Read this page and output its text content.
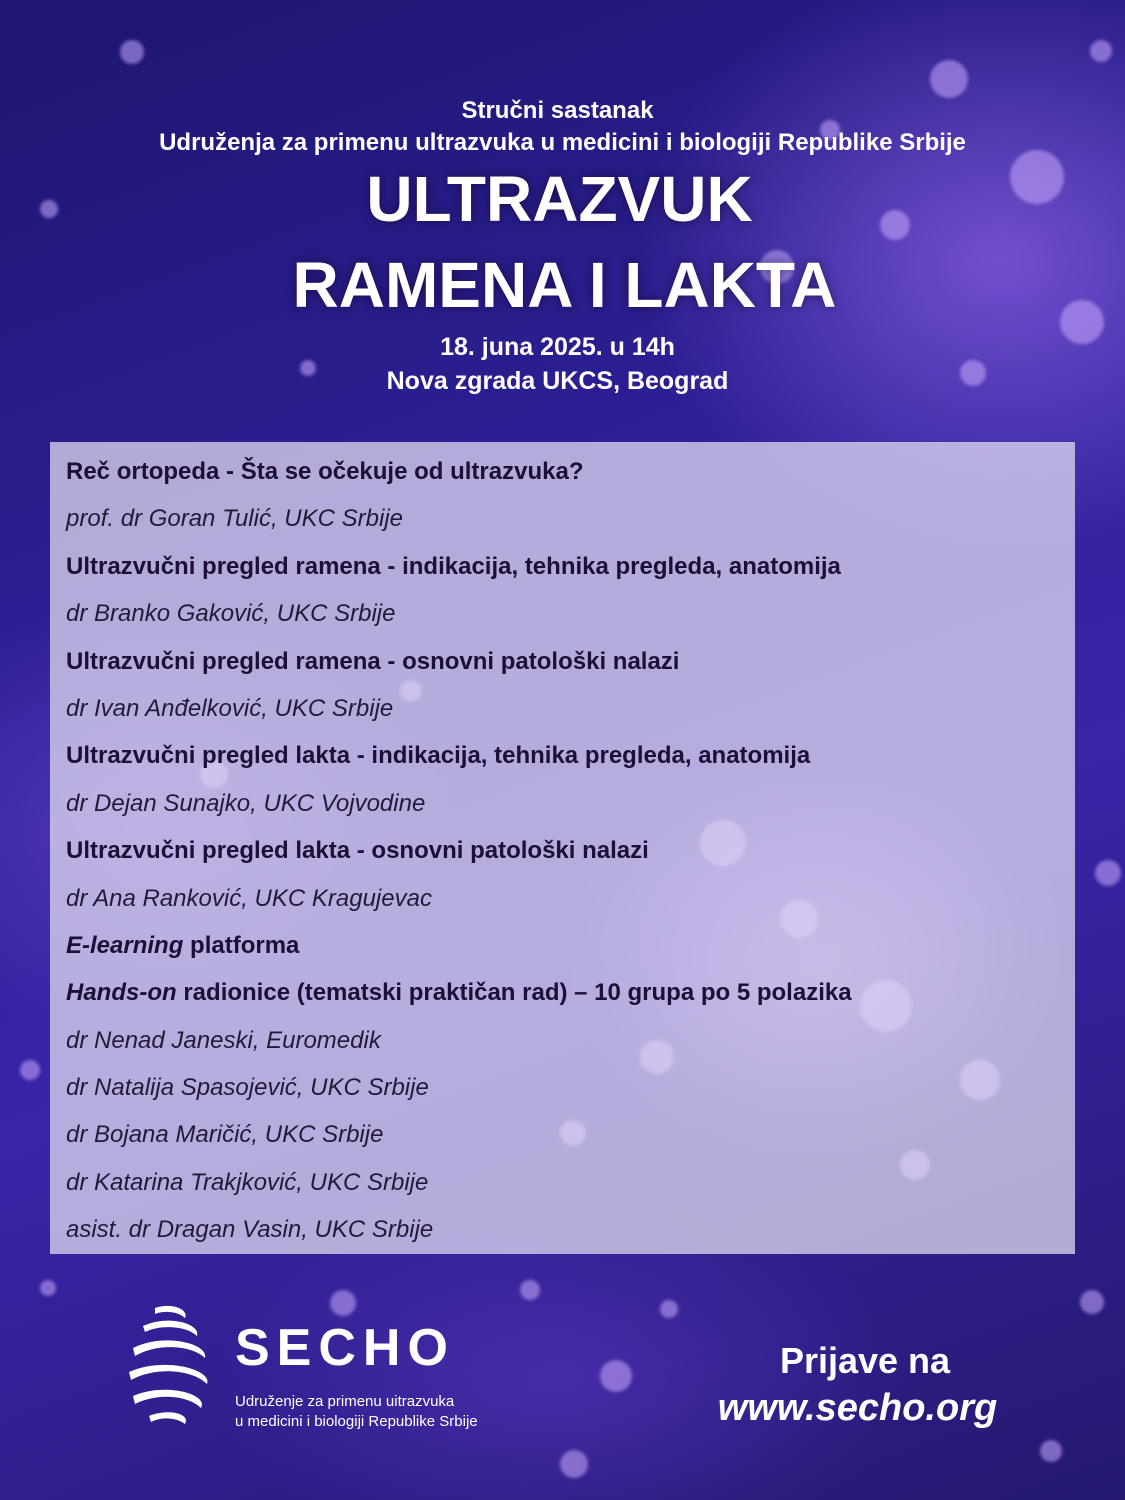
Stručni sastanak
Udruženja za primenu ultrazvuka u medicini i biologiji Republike Srbije
ULTRAZVUK
RAMENA I LAKTA
18. juna 2025. u 14h
Nova zgrada UKCS, Beograd
Reč ortopeda - Šta se očekuje od ultrazvuka?
prof. dr Goran Tulić, UKC Srbije
Ultrazvučni pregled ramena - indikacija, tehnika pregleda, anatomija
dr Branko Gaković, UKC Srbije
Ultrazvučni pregled ramena - osnovni patološki nalazi
dr Ivan Anđelković, UKC Srbije
Ultrazvučni pregled lakta - indikacija, tehnika pregleda, anatomija
dr Dejan Sunajko, UKC Vojvodine
Ultrazvučni pregled lakta - osnovni patološki nalazi
dr Ana Ranković, UKC Kragujevac
E-learning platforma
Hands-on radionice (tematski praktičan rad) – 10 grupa po 5 polazika
dr Nenad Janeski, Euromedik
dr Natalija Spasojević, UKC Srbije
dr Bojana Maričić, UKC Srbije
dr Katarina Trakjković, UKC Srbije
asist. dr Dragan Vasin, UKC Srbije
SECHO
Udruženje za primenu uitrazvuka
u medicini i biologiji Republike Srbije
Prijave na
www.secho.org
